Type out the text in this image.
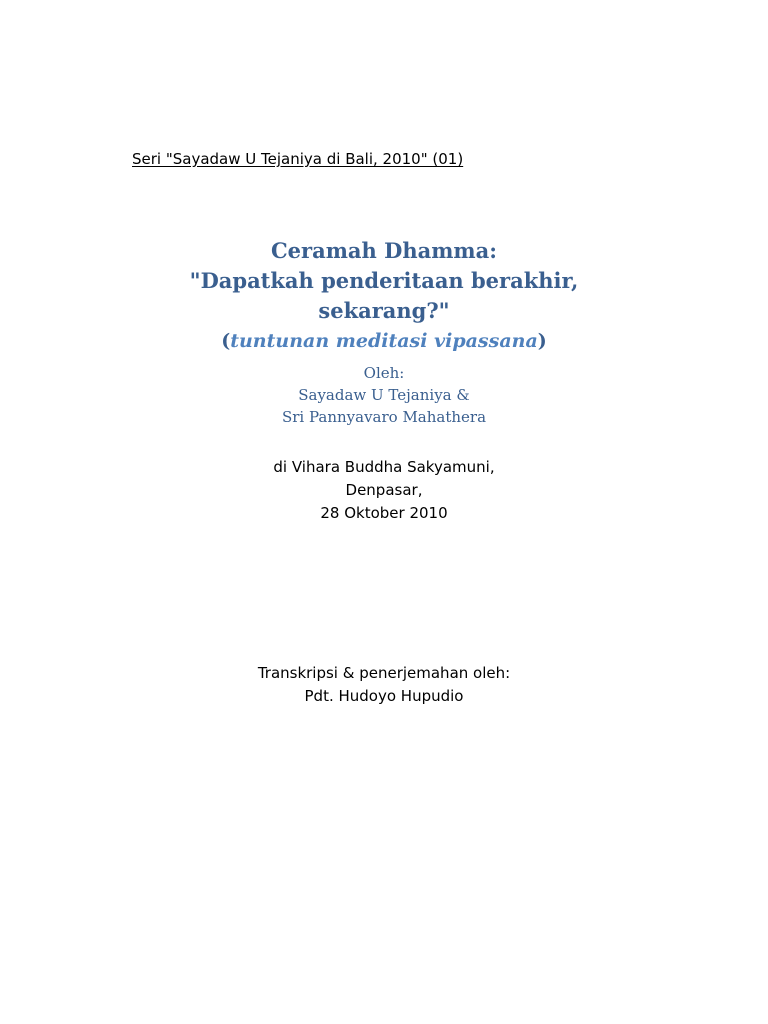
Seri "Sayadaw U Tejaniya di Bali, 2010" (01)
Ceramah Dhamma:
"Dapatkah penderitaan berakhir,
sekarang?"
(tuntunan meditasi vipassana)
Oleh:
Sayadaw U Tejaniya &
Sri Pannyavaro Mahathera
di Vihara Buddha Sakyamuni,
Denpasar,
28 Oktober 2010
Transkripsi & penerjemahan oleh:
Pdt. Hudoyo Hupudio
